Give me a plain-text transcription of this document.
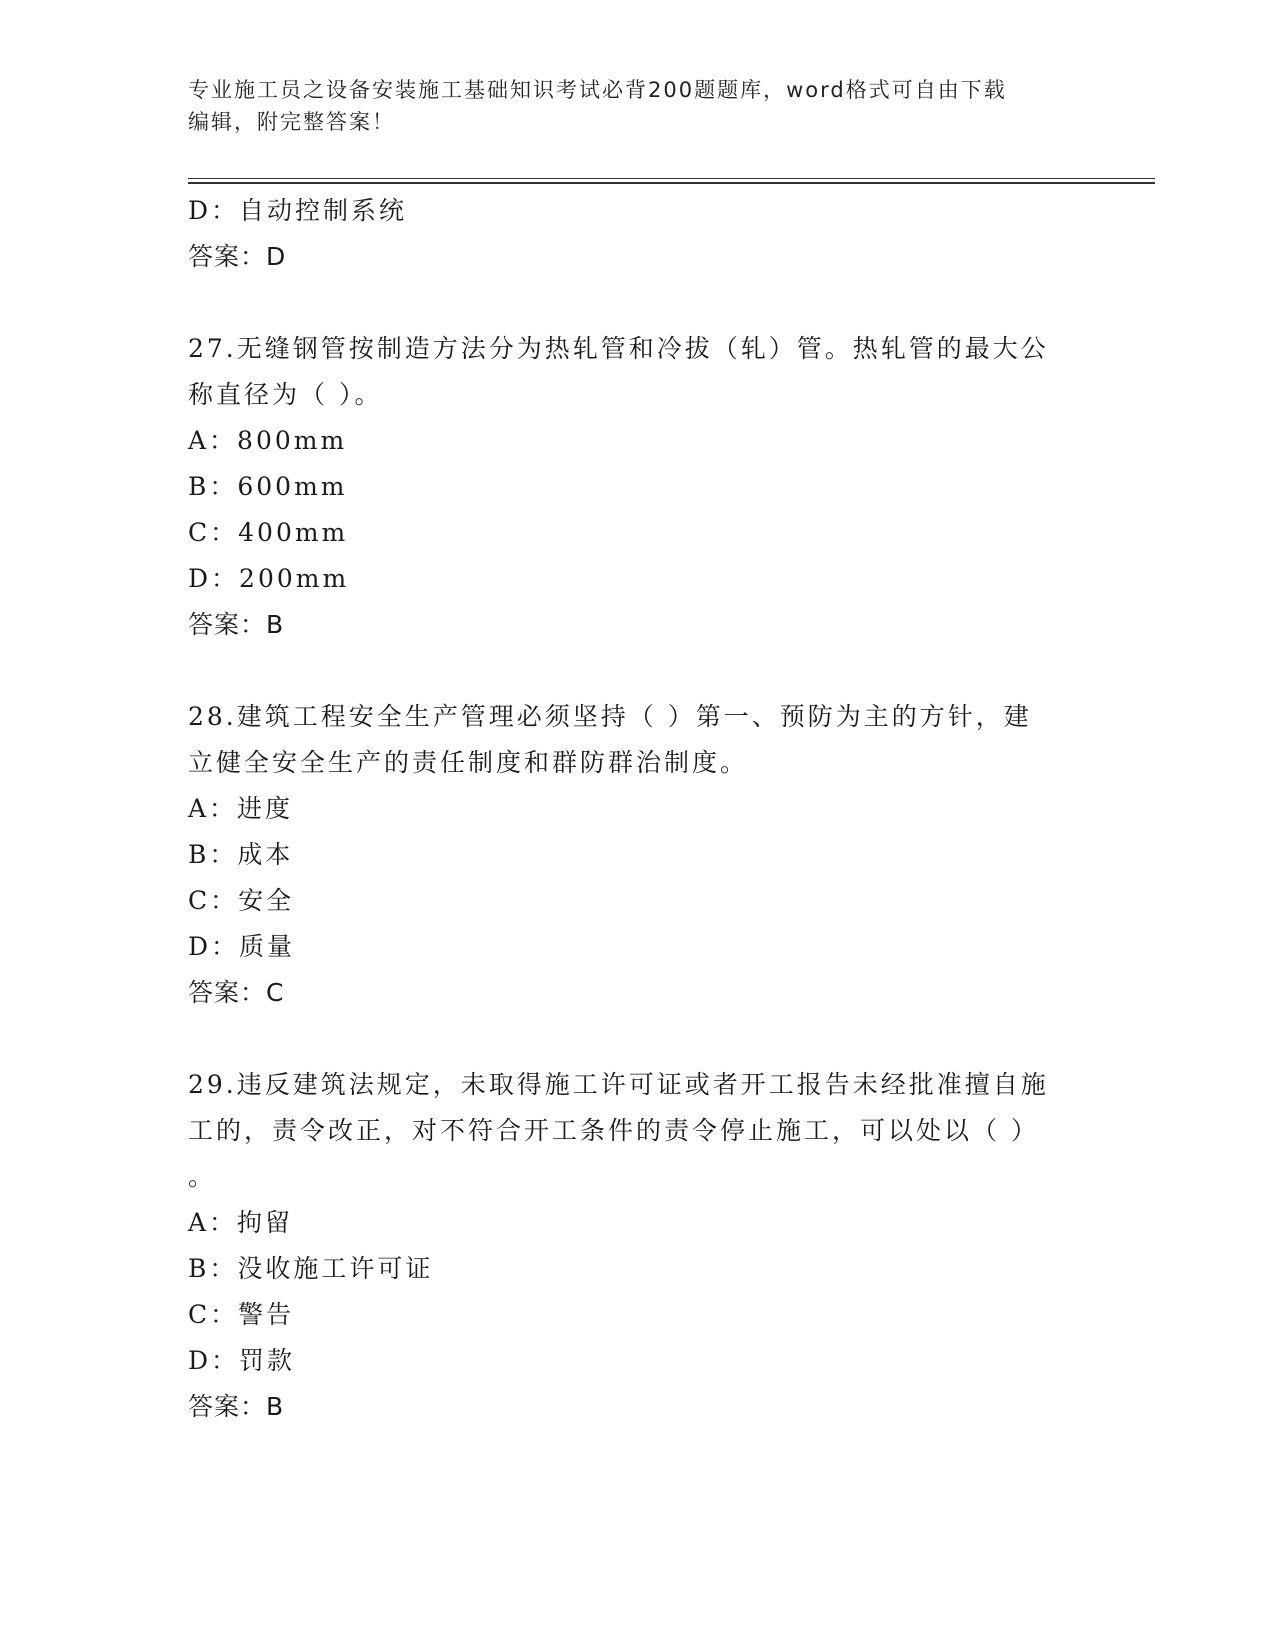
专业施工员之设备安装施工基础知识考试必背200题题库，word格式可自由下载
编辑，附完整答案！
D：自动控制系统
答案：D
27.无缝钢管按制造方法分为热轧管和冷拔（轧）管。热轧管的最大公
称直径为（ ）。
A：800mm
B：600mm
C：400mm
D：200mm
答案：B
28.建筑工程安全生产管理必须坚持（ ）第一、预防为主的方针，建
立健全安全生产的责任制度和群防群治制度。
A：进度
B：成本
C：安全
D：质量
答案：C
29.违反建筑法规定，未取得施工许可证或者开工报告未经批准擅自施
工的，责令改正，对不符合开工条件的责令停止施工，可以处以（ ）
。
A：拘留
B：没收施工许可证
C：警告
D：罚款
答案：B
